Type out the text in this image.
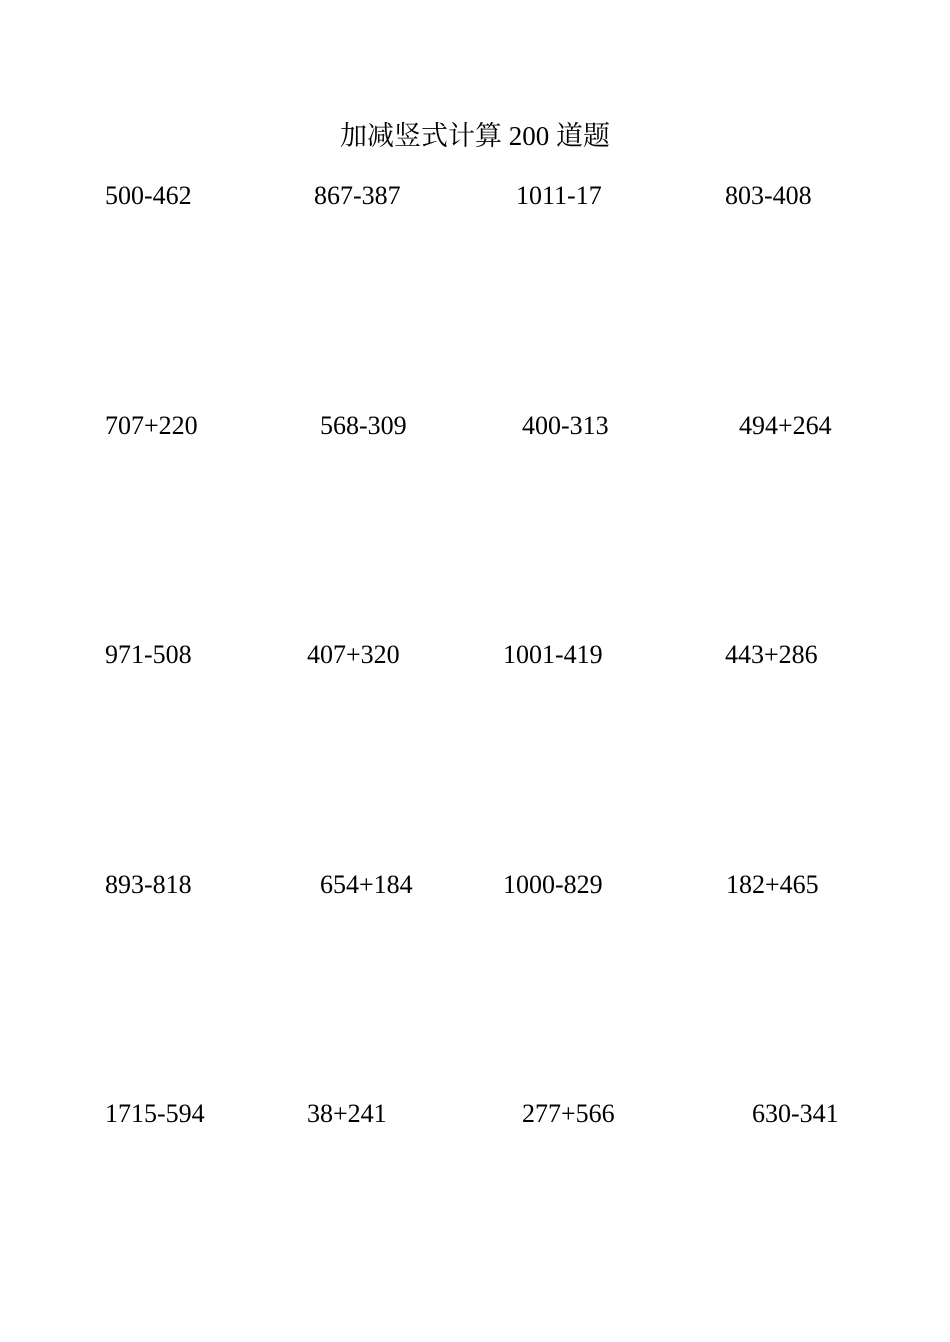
加减竖式计算 200 道题
500-462	867-387	1011-17	803-408
707+220	568-309	400-313	494+264
971-508	407+320	1001-419	443+286
893-818	654+184	1000-829	182+465
1715-594	38+241	277+566	630-341
